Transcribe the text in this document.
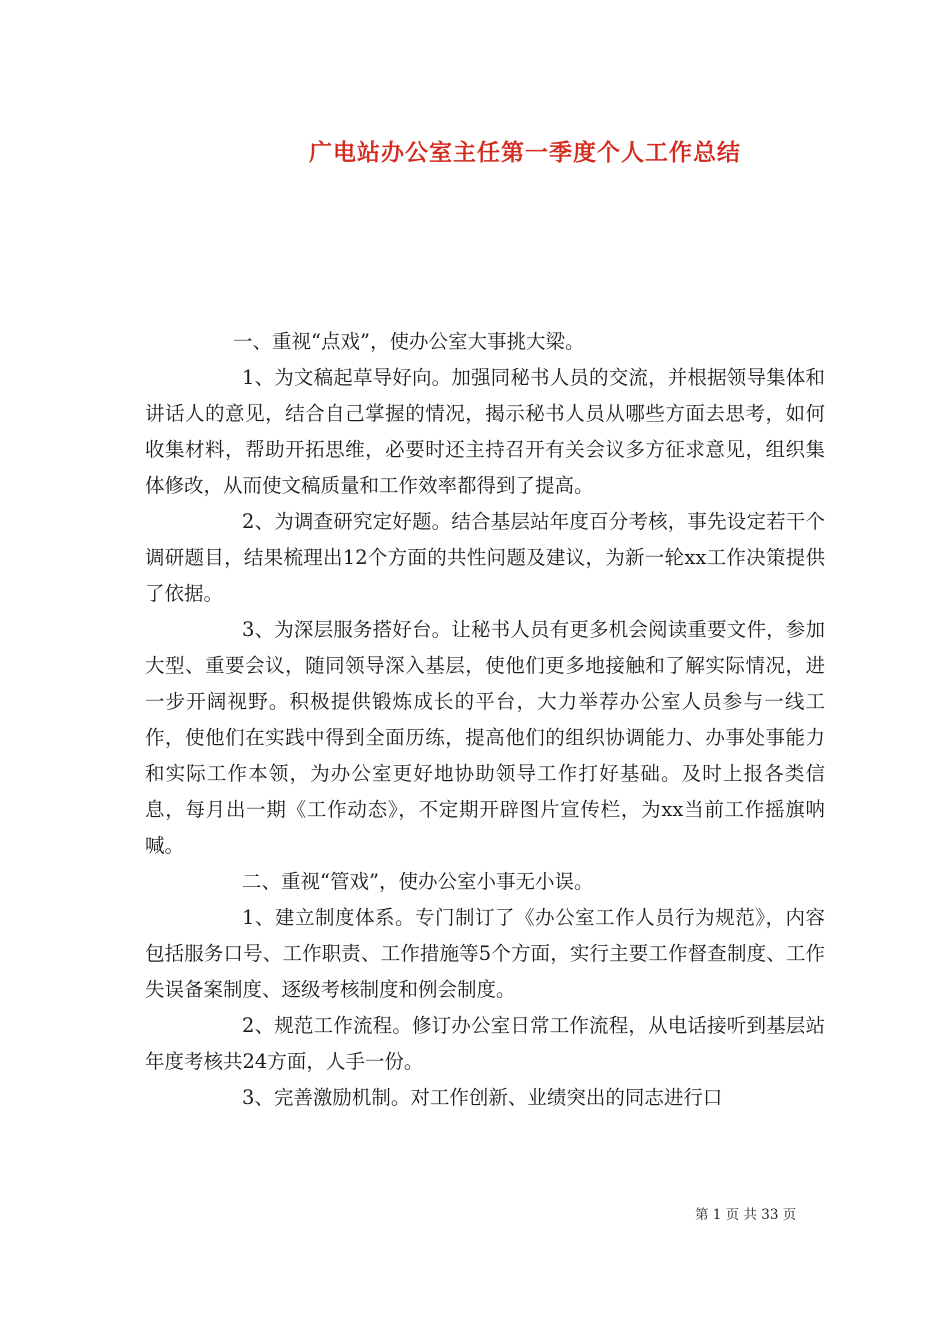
广电站办公室主任第一季度个人工作总结

一、重视“点戏”，使办公室大事挑大梁。

1、为文稿起草导好向。加强同秘书人员的交流，并根据领导集体和讲话人的意见，结合自己掌握的情况，揭示秘书人员从哪些方面去思考，如何收集材料，帮助开拓思维，必要时还主持召开有关会议多方征求意见，组织集体修改，从而使文稿质量和工作效率都得到了提高。

2、为调查研究定好题。结合基层站年度百分考核，事先设定若干个调研题目，结果梳理出12个方面的共性问题及建议，为新一轮xx工作决策提供了依据。

3、为深层服务搭好台。让秘书人员有更多机会阅读重要文件，参加大型、重要会议，随同领导深入基层，使他们更多地接触和了解实际情况，进一步开阔视野。积极提供锻炼成长的平台，大力举荐办公室人员参与一线工作，使他们在实践中得到全面历练，提高他们的组织协调能力、办事处事能力和实际工作本领，为办公室更好地协助领导工作打好基础。及时上报各类信息，每月出一期《工作动态》，不定期开辟图片宣传栏，为xx当前工作摇旗呐喊。

二、重视“管戏”，使办公室小事无小误。

1、建立制度体系。专门制订了《办公室工作人员行为规范》，内容包括服务口号、工作职责、工作措施等5个方面，实行主要工作督查制度、工作失误备案制度、逐级考核制度和例会制度。

2、规范工作流程。修订办公室日常工作流程，从电话接听到基层站年度考核共24方面，人手一份。

3、完善激励机制。对工作创新、业绩突出的同志进行口

第 1 页 共 33 页
